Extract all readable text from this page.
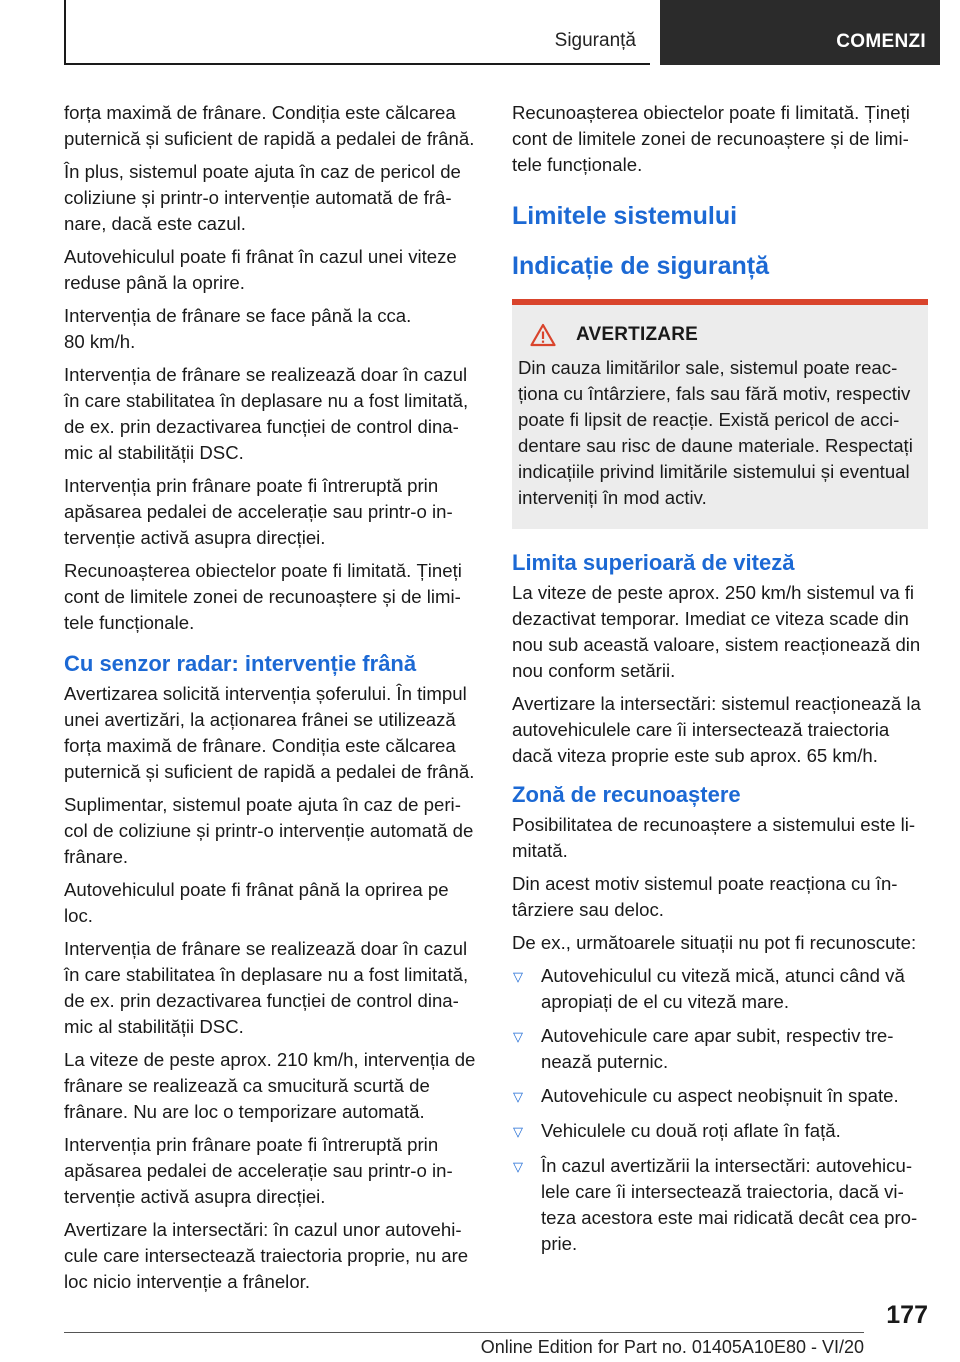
Siguranță	COMENZI

forța maximă de frânare. Condiția este călcarea puternică și suficient de rapidă a pedalei de frână.

În plus, sistemul poate ajuta în caz de pericol de coliziune și printr-o intervenție automată de frânare, dacă este cazul.

Autovehiculul poate fi frânat în cazul unei viteze reduse până la oprire.

Intervenția de frânare se face până la cca.
80 km/h.

Intervenția de frânare se realizează doar în cazul în care stabilitatea în deplasare nu a fost limitată, de ex. prin dezactivarea funcției de control dinamic al stabilității DSC.

Intervenția prin frânare poate fi întreruptă prin apăsarea pedalei de accelerație sau printr-o intervenție activă asupra direcției.

Recunoașterea obiectelor poate fi limitată. Țineți cont de limitele zonei de recunoaștere și de limitele funcționale.

Cu senzor radar: intervenție frână

Avertizarea solicită intervenția șoferului. În timpul unei avertizări, la acționarea frânei se utilizează forța maximă de frânare. Condiția este călcarea puternică și suficient de rapidă a pedalei de frână.

Suplimentar, sistemul poate ajuta în caz de pericol de coliziune și printr-o intervenție automată de frânare.

Autovehiculul poate fi frânat până la oprirea pe loc.

Intervenția de frânare se realizează doar în cazul în care stabilitatea în deplasare nu a fost limitată, de ex. prin dezactivarea funcției de control dinamic al stabilității DSC.

La viteze de peste aprox. 210 km/h, intervenția de frânare se realizează ca smucitură scurtă de frânare. Nu are loc o temporizare automată.

Intervenția prin frânare poate fi întreruptă prin apăsarea pedalei de accelerație sau printr-o intervenție activă asupra direcției.

Avertizare la intersectări: în cazul unor autovehicule care intersectează traiectoria proprie, nu are loc nicio intervenție a frânelor.

Recunoașterea obiectelor poate fi limitată. Țineți cont de limitele zonei de recunoaștere și de limitele funcționale.

Limitele sistemului
Indicație de siguranță
AVERTIZARE

Din cauza limitărilor sale, sistemul poate reacționa cu întârziere, fals sau fără motiv, respectiv poate fi lipsit de reacție. Există pericol de accidentare sau risc de daune materiale. Respectați indicațiile privind limitările sistemului și eventual interveniți în mod activ.

Limita superioară de viteză

La viteze de peste aprox. 250 km/h sistemul va fi dezactivat temporar. Imediat ce viteza scade din nou sub această valoare, sistem reacționează din nou conform setării.

Avertizare la intersectări: sistemul reacționează la autovehiculele care îi intersectează traiectoria dacă viteza proprie este sub aprox. 65 km/h.

Zonă de recunoaștere

Posibilitatea de recunoaștere a sistemului este limitată.

Din acest motiv sistemul poate reacționa cu întârziere sau deloc.

De ex., următoarele situații nu pot fi recunoscute:

▽ Autovehiculul cu viteză mică, atunci când vă apropiați de el cu viteză mare.
▽ Autovehicule care apar subit, respectiv trenează puternic.
▽ Autovehicule cu aspect neobișnuit în spate.
▽ Vehiculele cu două roți aflate în față.
▽ În cazul avertizării la intersectări: autovehiculele care îi intersectează traiectoria, dacă viteza acestora este mai ridicată decât cea proprie.
177
Online Edition for Part no. 01405A10E80 - VI/20
